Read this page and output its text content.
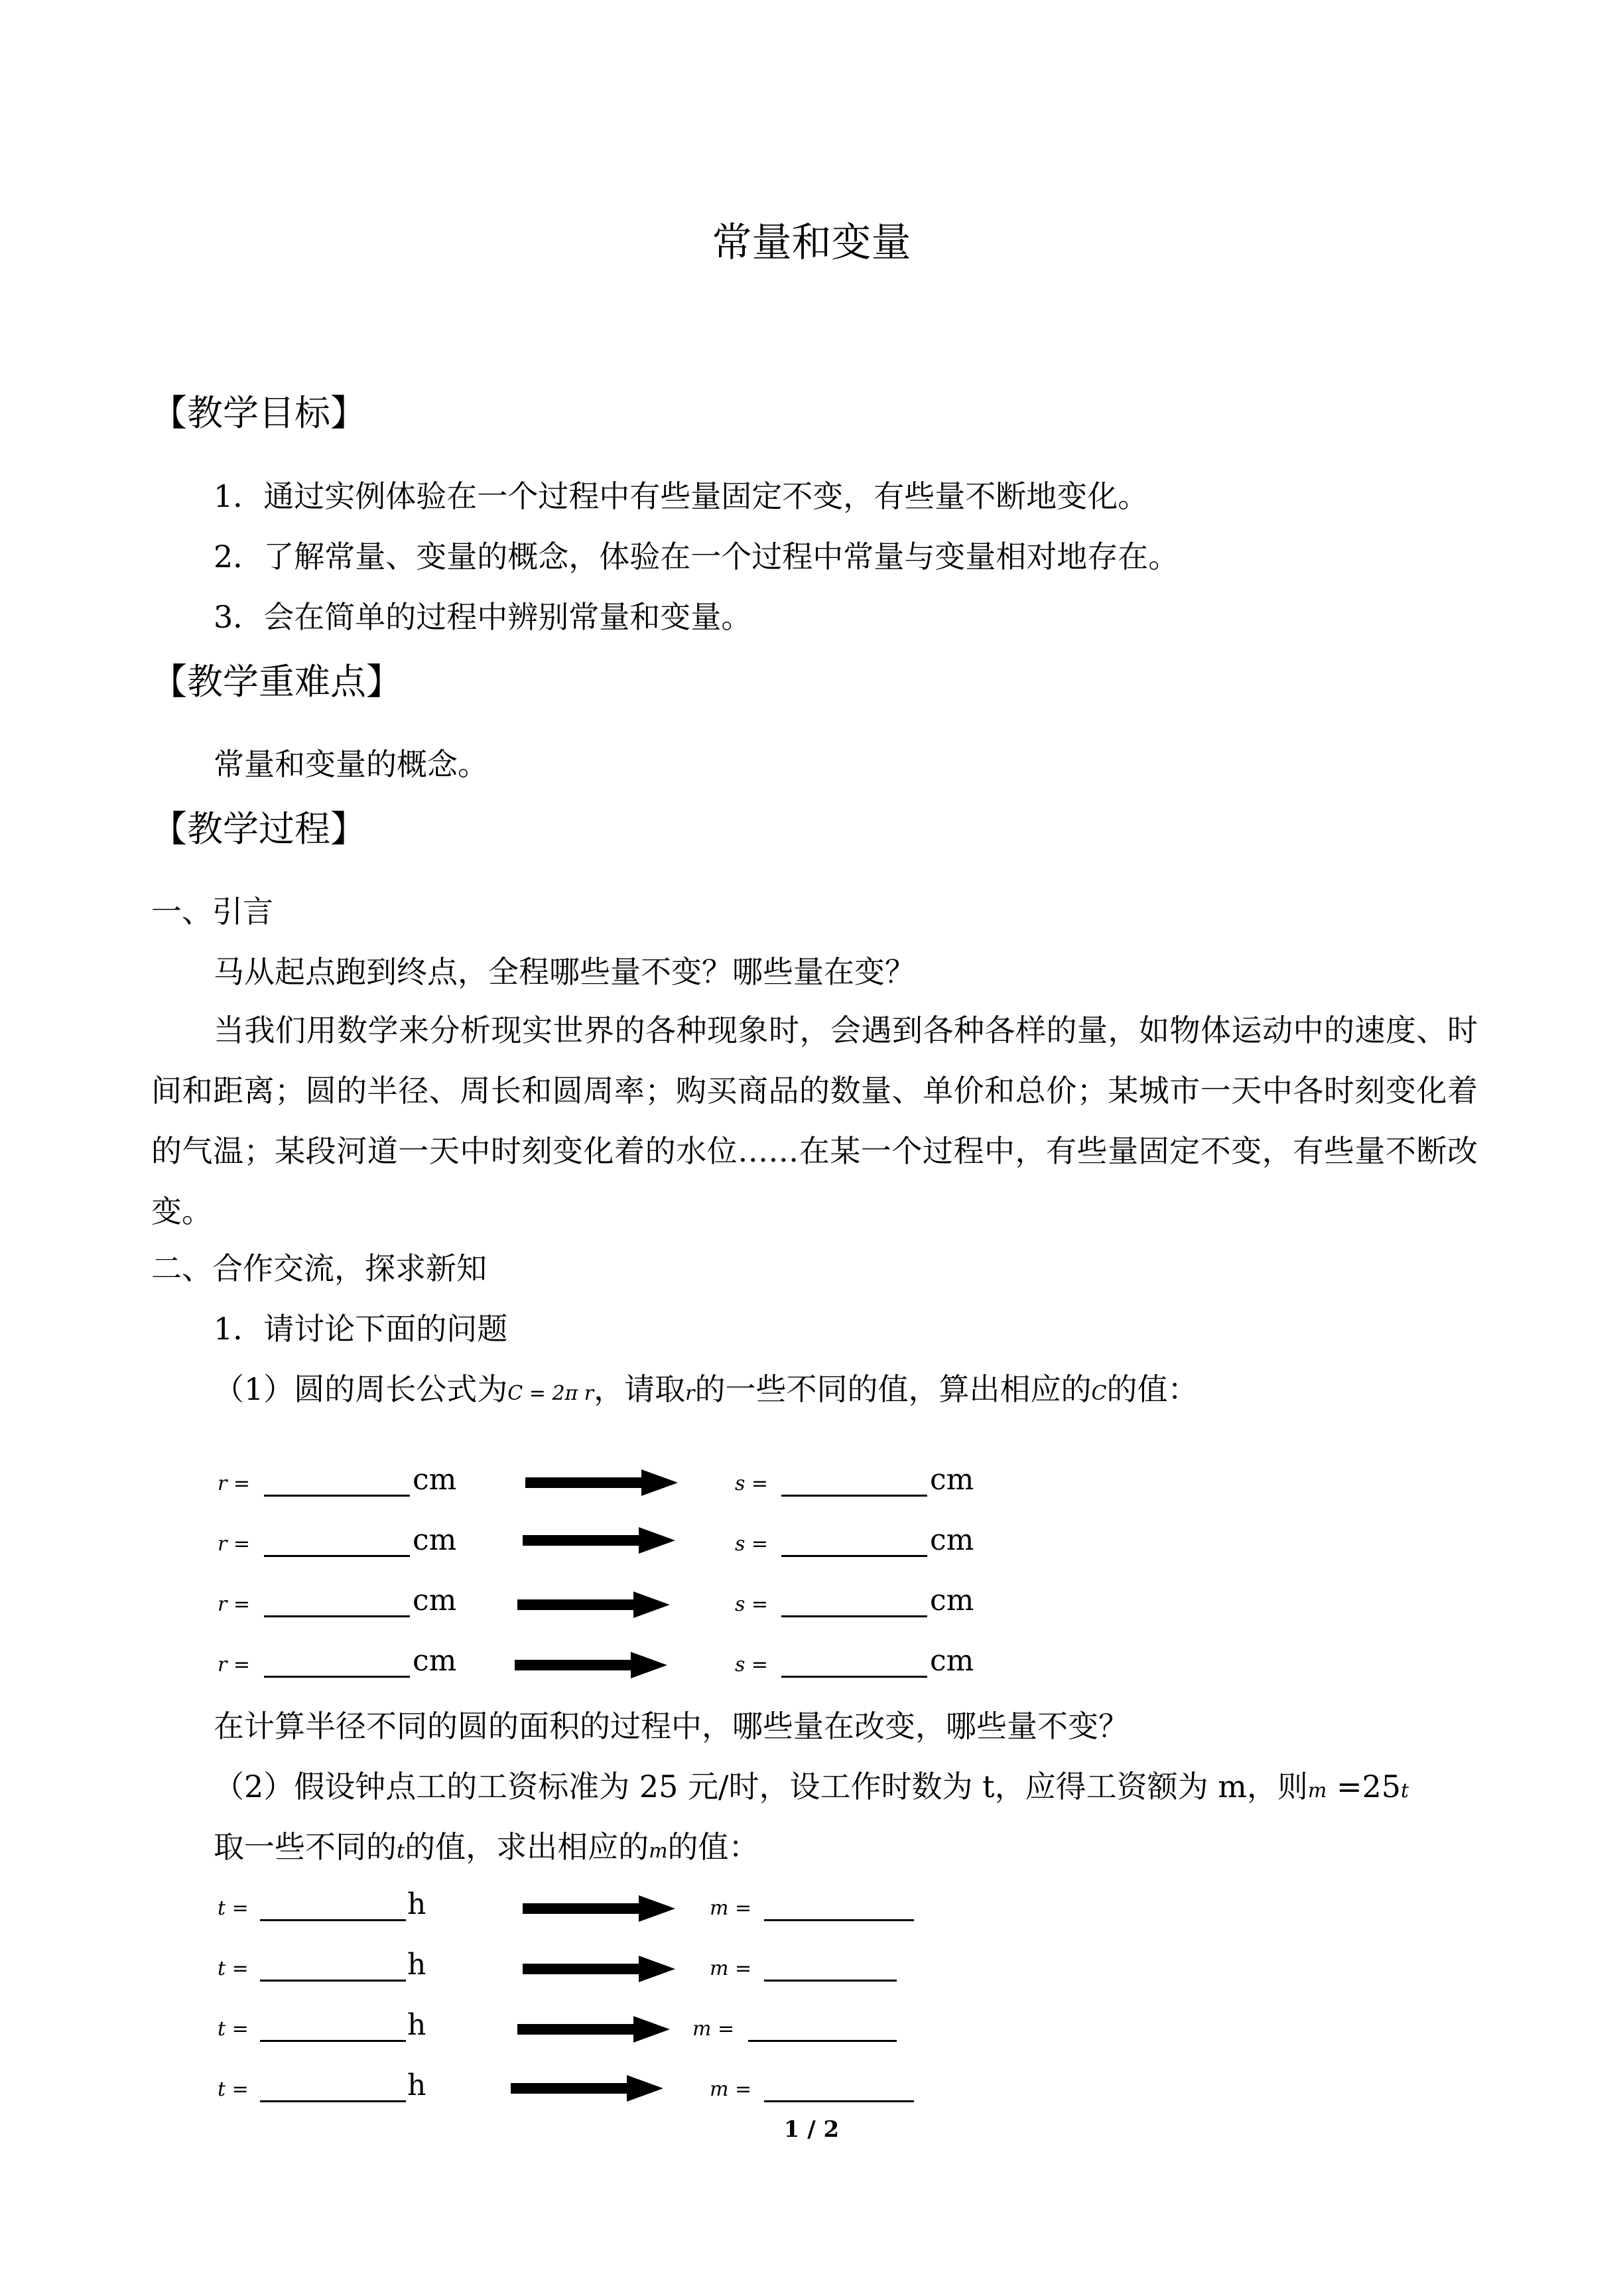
常量和变量
【教学目标】
1．通过实例体验在一个过程中有些量固定不变，有些量不断地变化。
2．了解常量、变量的概念，体验在一个过程中常量与变量相对地存在。
3．会在简单的过程中辨别常量和变量。
【教学重难点】
常量和变量的概念。
【教学过程】
一、引言
马从起点跑到终点，全程哪些量不变？哪些量在变？
当我们用数学来分析现实世界的各种现象时，会遇到各种各样的量，如物体运动中的速度、时间和距离；圆的半径、周长和圆周率；购买商品的数量、单价和总价；某城市一天中各时刻变化着的气温；某段河道一天中时刻变化着的水位……在某一个过程中，有些量固定不变，有些量不断改变。
二、合作交流，探求新知
1．请讨论下面的问题
（1）圆的周长公式为C = 2π r，请取r的一些不同的值，算出相应的C的值：
r =	cm	s =	cm
r =	cm	s =	cm
r =	cm	s =	cm
r =	cm	s =	cm
在计算半径不同的圆的面积的过程中，哪些量在改变，哪些量不变？
（2）假设钟点工的工资标准为 25 元/时，设工作时数为 t，应得工资额为 m，则m =25t
取一些不同的t的值，求出相应的m的值：
t =	h	m =
t =	h	m =
t =	h	m =
t =	h	m =
1 / 2
